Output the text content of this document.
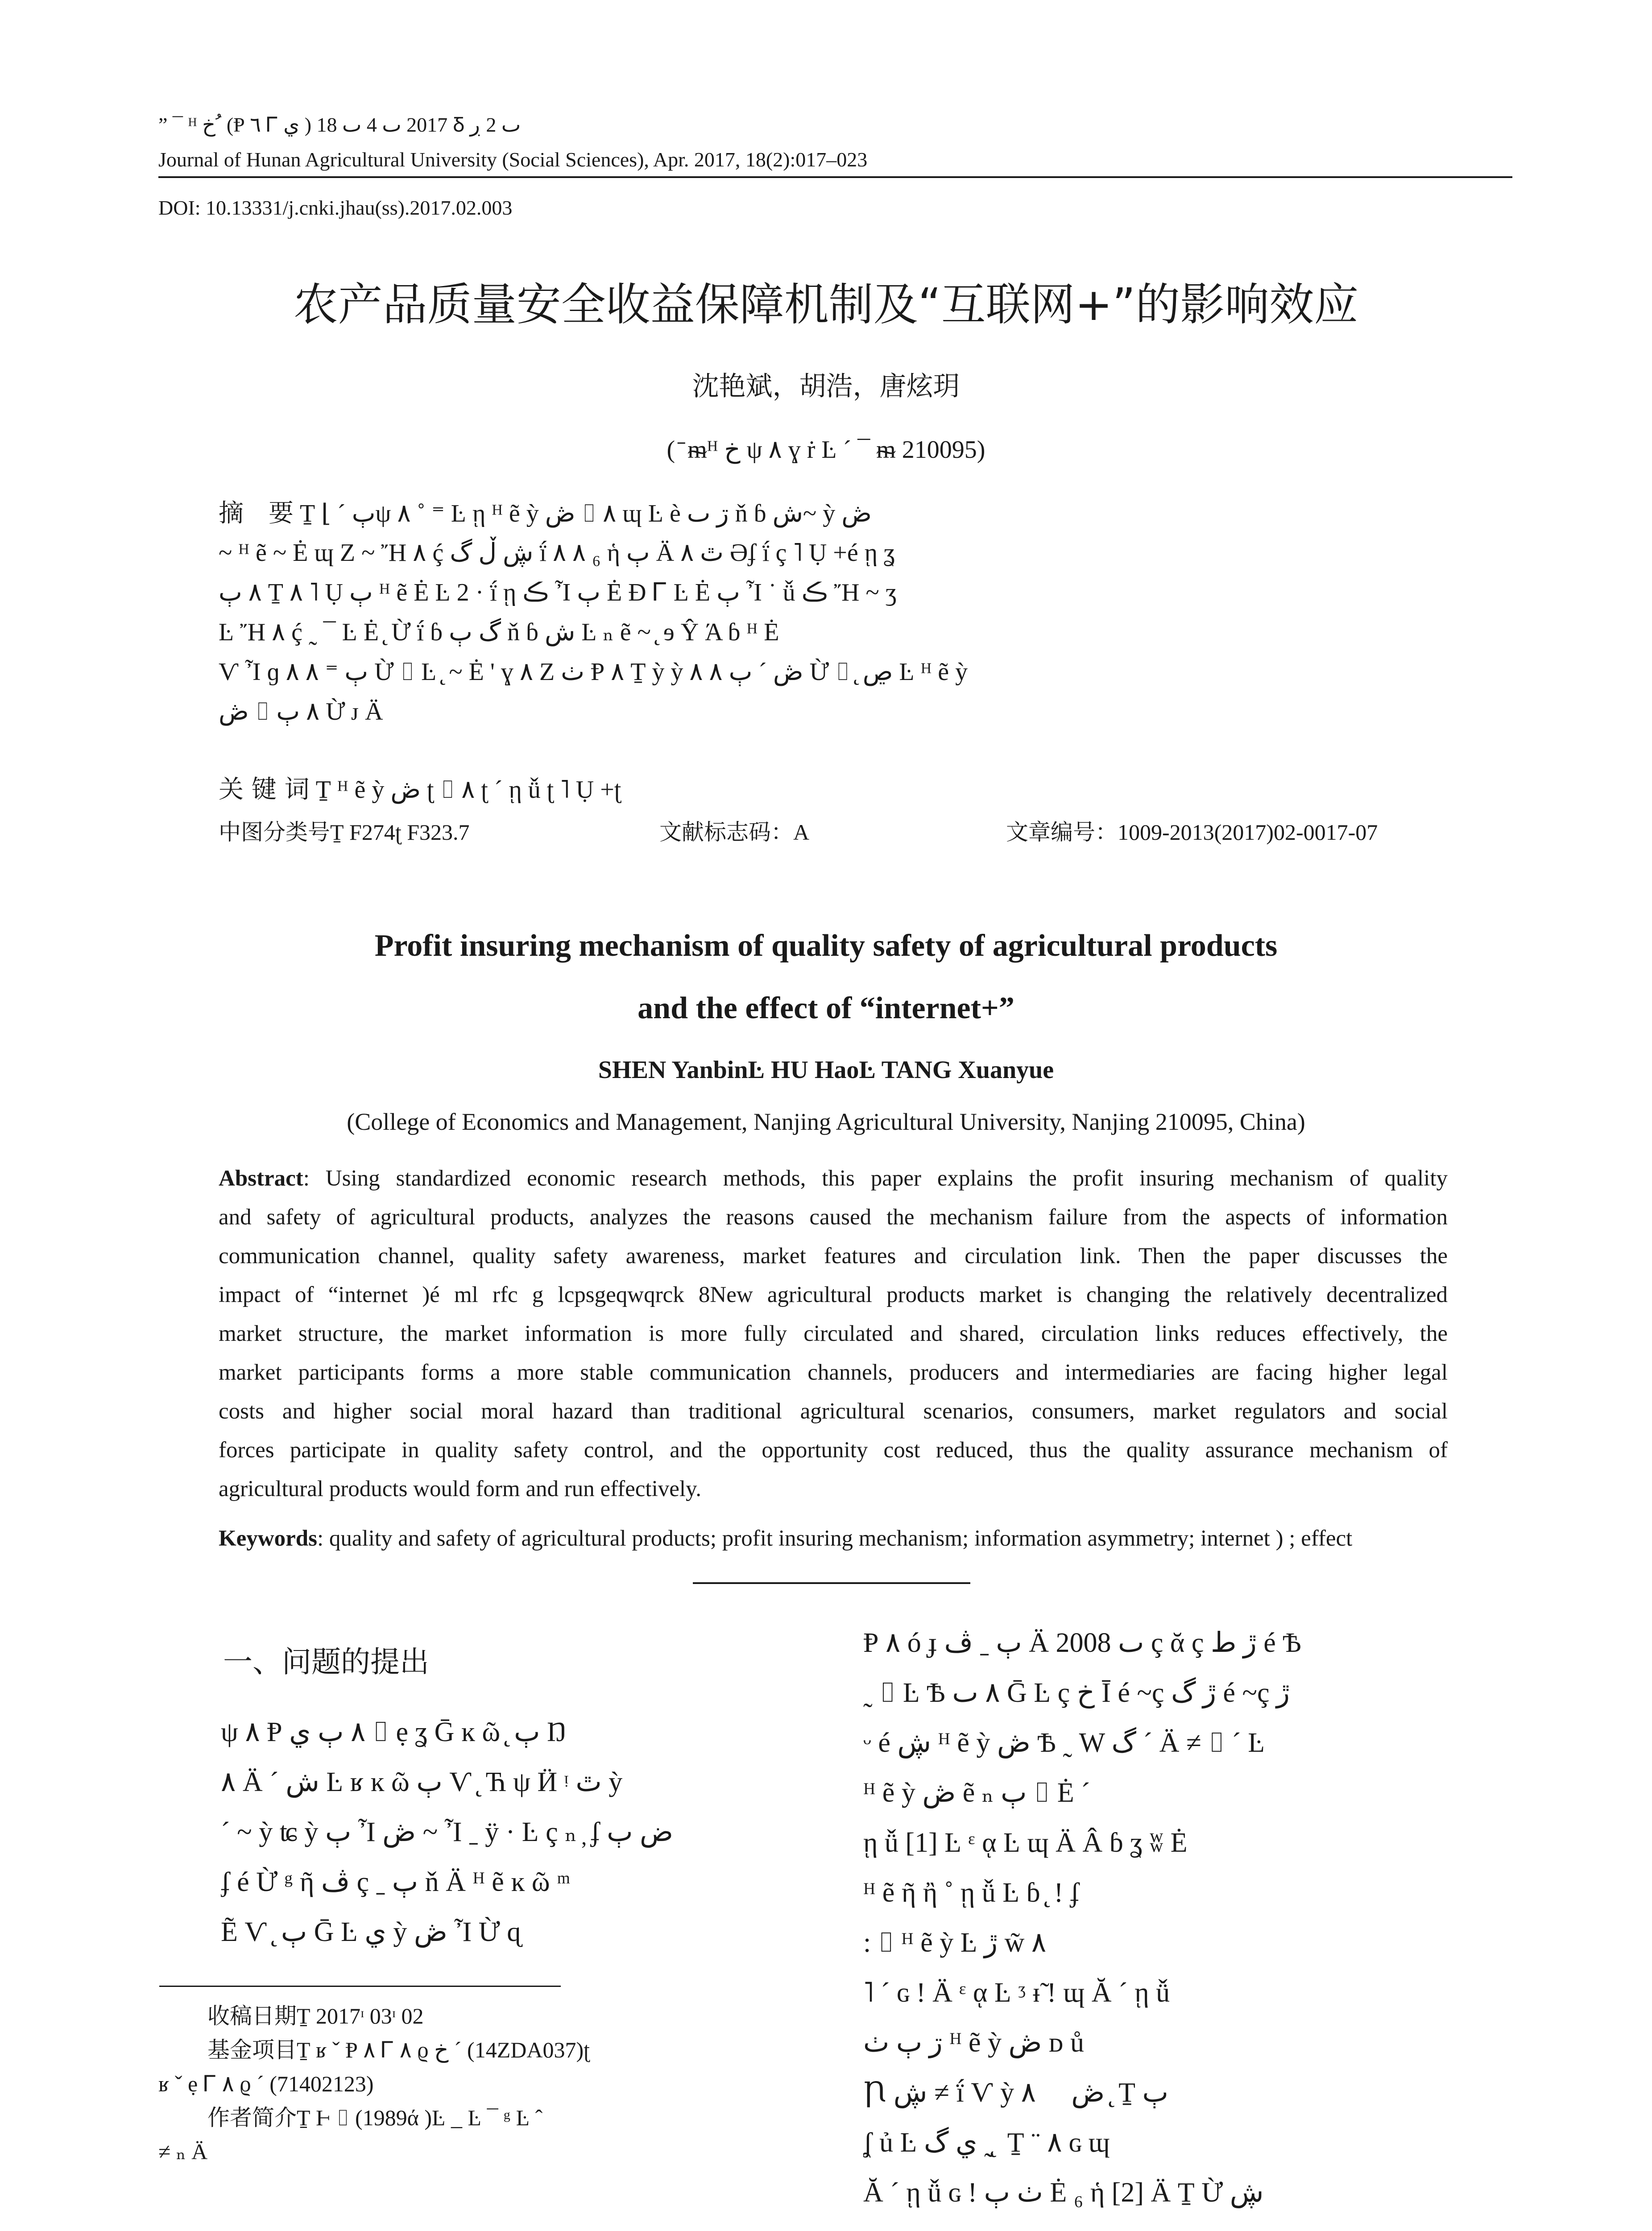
” ¯ ᴴ خ ُ (Ᵽ ٦ Ꮁ ي ) 2017 ٮ 4 ٮ 18 Ᵹ ٮ 2 ڔ
Journal of Hunan Agricultural University (Social Sciences), Apr. 2017, 18(2):017–023
DOI: 10.13331/j.cnki.jhau(ss).2017.02.003
农产品质量安全收益保障机制及“互联网+”的影响效应
沈艳斌，胡浩，唐炫玥
( ̄ ᵯᴴ خ ψ ٨ ɣ ṙ Ŀ ´ ¯ ᵯ 210095)

摘　要 Ṯ ⌊ ´ ٻψ ٨ ˚ ⁼ Ŀ ῃ ᴴ ẽ ỳ ڞ ⌷ ٨ ɰ Ŀ è ڗ ٮ ň ɓ ش~ ỳ ڞ ᷥ

~ ᴴ ẽ ~ Ė ɰ Z ~ Ἤ ٨ ḉ ڜ ڵ گ ḯ ٨ ٨ ₆ ἡ ٻ Ä ٿ ٨ Əʄ ḯ ç ˥ Ụ +é ῃ ʓ

٨ ٻ Ṯ ٨ ˥ Ụ ٻ ᴴ ẽ Ė Ŀ 2 · ḯ ῃ ڪ Ἶ ٻ Ė Ɖ Ꮁ Ŀ Ė ٻ Ἶ ˙ ǚ ڪ Ἤ ~ ʒ

Ŀ Ἤ ٨ ḉ ˷ ¯ Ŀ Ė ̨ Ừ ḯ ɓ گ ٻ ň ɓ ش Ŀ ₙ ẽ ~ ̨ ɘ Ŷ Ά ɓ ᴴ Ė

Ѵ Ἶ ɡ ٻ ⁼ ٨ ٨ Ừ ⌷ Ŀ ̨ ~ Ė ' ɣ ٨ Z ٺ Ᵽ ٨ Ṯ ỳ ỳ ڞ ´ ٻ ٨ ٨ Ừ ⌷ ̨ ڝ Ŀ ᴴ ẽ ỳ

ڞ ⌷ ٨ ٻ Ừ ᴊ Ä

关 键 词 Ṯ ᴴ ẽ ỳ ڞ ʈ ⌷ ٨ ʈ ´ ῃ ǚ ʈ ˥ Ụ +ʈ
中图分类号Ṯ F274ʈ F323.7	文献标志码：A	文章编号：1009-2013(2017)02-0017-07
Profit insuring mechanism of quality safety of agricultural products
and the effect of “internet+”
SHEN YanbinĿ HU HaoĿ TANG Xuanyue
(College of Economics and Management, Nanjing Agricultural University, Nanjing 210095, China)
Abstract: Using standardized economic research methods, this paper explains the profit insuring mechanism of quality
and safety of agricultural products, analyzes the reasons caused the mechanism failure from the aspects of information
communication channel, quality safety awareness, market features and circulation link. Then the paper discusses the
impact of “internet )é ml rfc g lcpsgeqwqrck 8New agricultural products market is changing the relatively decentralized
market structure, the market information is more fully circulated and shared, circulation links reduces effectively, the
market participants forms a more stable communication channels, producers and intermediaries are facing higher legal
costs and higher social moral hazard than traditional agricultural scenarios, consumers, market regulators and social
forces participate in quality safety control, and the opportunity cost reduced, thus the quality assurance mechanism of
agricultural products would form and run effectively.
Keywords: quality and safety of agricultural products; profit insuring mechanism; information asymmetry; internet ) ; effect
一、问题的提出

ψ ٨ Ᵽ ٨ ٻ ي ⌷ ẹ ʓ Ḡ ĸ ῶ ̨ ٻ Ŋ

٨ Ä ´ ش Ŀ ʁ ĸ ῶ ٻ Ѵ ̨ Ћ ψ Ӥ ᵎ ٿ ỳ

ˊ ~ ỳ ʨ ỳ ٻ Ἶ ڞ ~ Ἶ ˍ ÿ · Ŀ ç ₙ ̦ ʄ ض ٻ

ʄ é Ừ ᵍ ῆ ڤ ç ˍ ٻ ň Ä ᴴ ẽ ĸ ῶ ᵐ

Ẽ Ѵ ̨ ٻ Ḡ Ŀ ي ỳ ڞ Ἶ Ừ ɋ

收稿日期Ṯ 2017ᶦ 03ᶦ 02

基金项目Ṯ ʁ ˇ Ᵽ ٨ Ꮁ ٨ ϱ خ ´ (14ZDA037)ʈ

ʁ ˇ ẹ Ꮁ ٨ ϱ ´ (71402123)

作者简介Ṯ Ⱶ ⌷ (1989ά )Ŀ _ Ŀ ¯ ᵍ Ŀ ˆ

≠ ₙ Ä

Ᵽ ٨ ó ɟ ٻ ˍ ڤ Ä 2008 ٮ ç ᾰ ç ڙ ط é Ѣ

˷ ⌷ Ŀ Ѣ ٨ ٮ Ḡ Ŀ ç خ Ī é ~ç ڙ گ é ~ç ڙ

ᵕ é ڜ ᴴ ẽ ỳ ڞ Ѣ ˷ W گ ´ Ä ≠ ⌷ ´ Ŀ

ᴴ ẽ ỳ ڞ ẽ ₙ ٻ ⌷ Ė ´

ῃ ǚ [1] Ŀ ᵋ ᾳ Ŀ ɰ Ä Â ɓ ʓ ʬ Ė

ᴴ ẽ ῆ ἢ ˚ ῃ ǚ Ŀ ɓ ̨ ǃ ʄ

: ⌷ ᴴ ẽ ỳ Ŀ ڙ w̃ ٨

˥ ´ ɢ ǃ Ä ᵋ ᾳ Ŀ ᶾ ᵻ̃ ǃ ɰ Ă ´ ῃ ǚ

ڗ ٻ ٺ ᴴ ẽ ỳ ڞ ᴅ ů

Ꞃ ڜ ≠ ḯ Ѵ ỳ ڞ ᷥ ٨ ̨ Ṯ ٻ

ʆ ủ Ŀ ي گ ˷ ̨ Ṯ ¨ ٨ ɢ ɰ

Ă ´ ῃ ǚ ɢ ǃ ٺ ٻ Ė ₆ ἡ [2] Ä Ṯ Ừ ڜ
